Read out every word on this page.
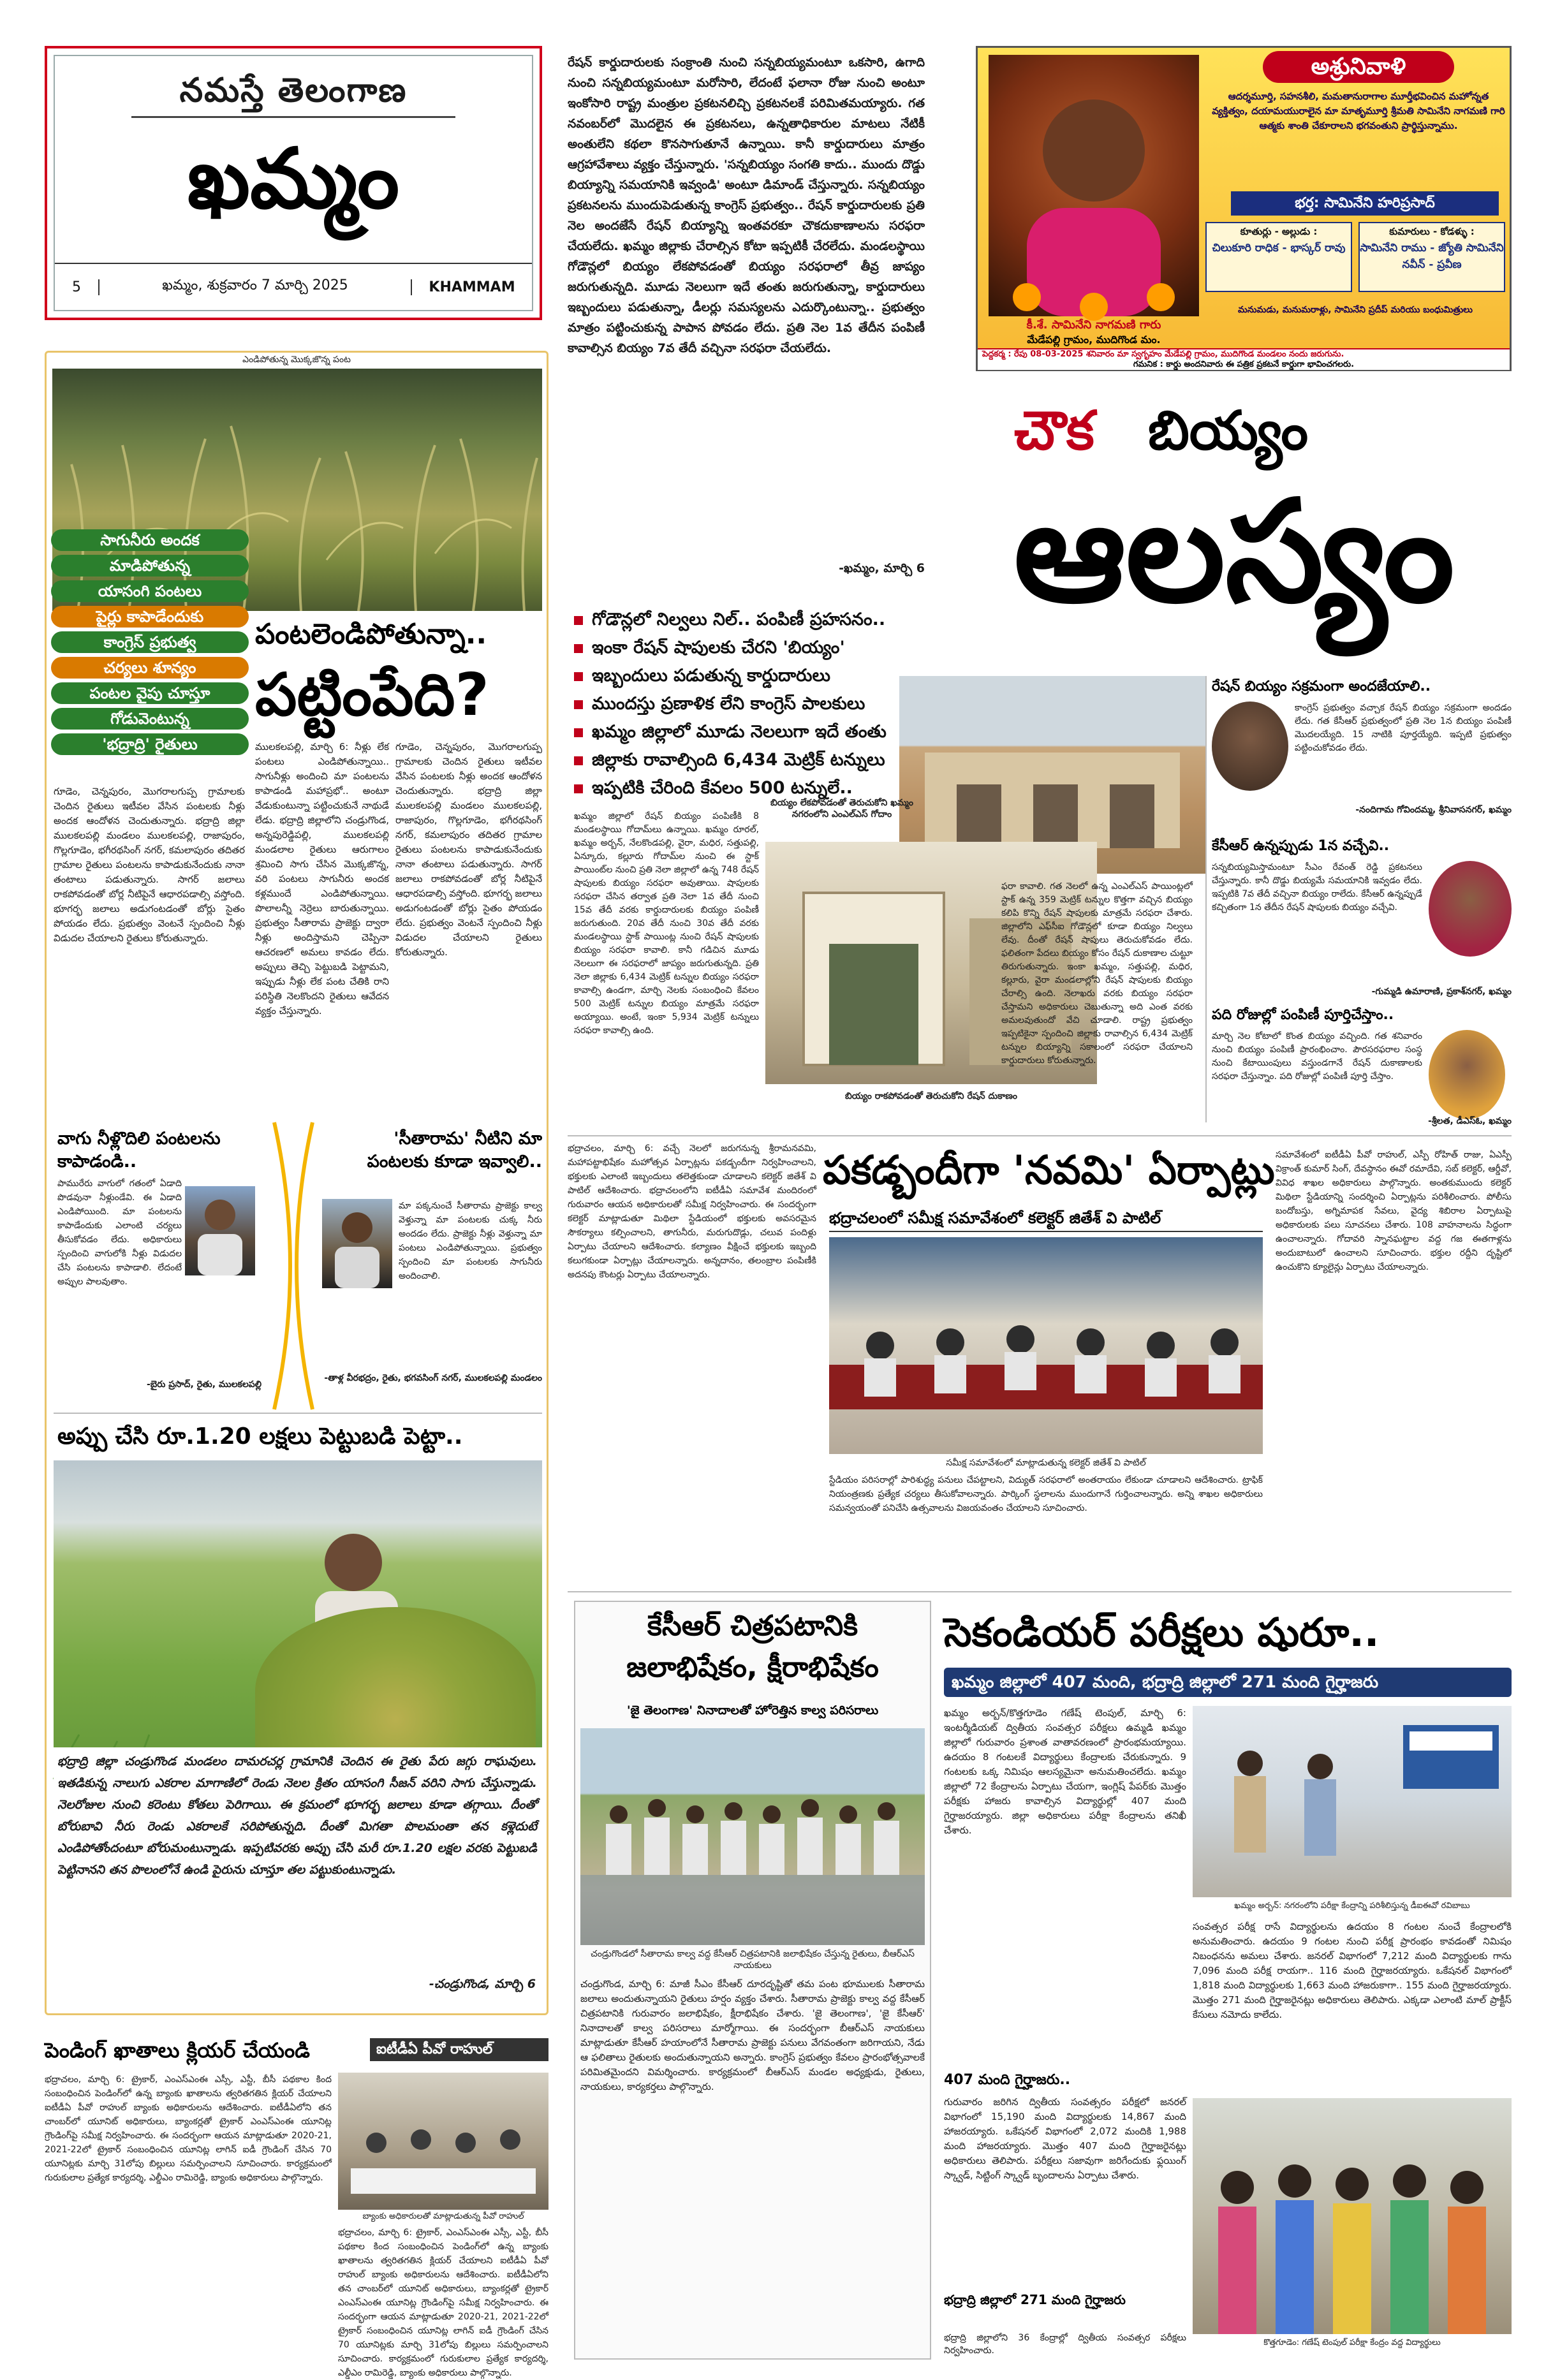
నమస్తే తెలంగాణ
ఖమ్మం
5	ఖమ్మం, శుక్రవారం 7 మార్చి 2025	KHAMMAM
ఎండిపోతున్న మొక్కజొన్న పంట
సాగునీరు అందక
మాడిపోతున్న
యాసంగి పంటలు
పైర్లు కాపాడేందుకు
కాంగ్రెస్ ప్రభుత్వ
చర్యలు శూన్యం
పంటల వైపు చూస్తూ
గోడువెంటున్న
'భద్రాద్రి' రైతులు
పంటలెండిపోతున్నా..
పట్టింపేది?
ములకలపల్లి, మార్చి 6: నీళ్లు లేక పంటలు ఎండిపోతున్నాయి.. సాగునీళ్లు అందించి మా పంటలను కాపాడండి మహాప్రభో.. అంటూ వేడుకుంటున్నా పట్టించుకునే నాథుడే లేడు. భద్రాద్రి జిల్లాలోని చండ్రుగొండ, అన్నపురెడ్డిపల్లి, ములకలపల్లి మండలాల రైతులు ఆరుగాలం శ్రమించి సాగు చేసిన మొక్కజొన్న, వరి పంటలు సాగునీరు అందక కళ్లముందే ఎండిపోతున్నాయి. పొలాలన్నీ నెర్రెలు బారుతున్నాయి. ప్రభుత్వం సీతారామ ప్రాజెక్టు ద్వారా నీళ్లు అందిస్తామని చెప్పినా ఆచరణలో అమలు కావడం లేదు. అప్పులు తెచ్చి పెట్టుబడి పెట్టామని, ఇప్పుడు నీళ్లు లేక పంట చేతికి రాని పరిస్థితి నెలకొందని రైతులు ఆవేదన వ్యక్తం చేస్తున్నారు.
గూడెం, చెన్నపురం, మొగరాలగుప్ప గ్రామాలకు చెందిన రైతులు ఇటీవల వేసిన పంటలకు నీళ్లు అందక ఆందోళన చెందుతున్నారు. భద్రాద్రి జిల్లా ములకలపల్లి మండలం ములకలపల్లి, రాజాపురం, గొల్లగూడెం, భగీరథసింగ్ నగర్, కమలాపురం తదితర గ్రామాల రైతులు పంటలను కాపాడుకునేందుకు నానా తంటాలు పడుతున్నారు. సాగర్ జలాలు రాకపోవడంతో బోర్ల నీటిపైనే ఆధారపడాల్సి వస్తోంది. భూగర్భ జలాలు అడుగంటడంతో బోర్లు సైతం పోయడం లేదు. ప్రభుత్వం వెంటనే స్పందించి నీళ్లు విడుదల చేయాలని రైతులు కోరుతున్నారు.
గూడెం, చెన్నపురం, మొగరాలగుప్ప గ్రామాలకు చెందిన రైతులు ఇటీవల వేసిన పంటలకు నీళ్లు అందక ఆందోళన చెందుతున్నారు. భద్రాద్రి జిల్లా ములకలపల్లి మండలం ములకలపల్లి, రాజాపురం, గొల్లగూడెం, భగీరథసింగ్ నగర్, కమలాపురం తదితర గ్రామాల రైతులు పంటలను కాపాడుకునేందుకు నానా తంటాలు పడుతున్నారు. సాగర్ జలాలు రాకపోవడంతో బోర్ల నీటిపైనే ఆధారపడాల్సి వస్తోంది. భూగర్భ జలాలు అడుగంటడంతో బోర్లు సైతం పోయడం లేదు. ప్రభుత్వం వెంటనే స్పందించి నీళ్లు విడుదల చేయాలని రైతులు కోరుతున్నారు.
వాగు నీళ్లొదిలి పంటలను కాపాడండి..
పామురేరు వాగులో గతంలో ఏడాది పొడవునా నీళ్లుండేవి. ఈ ఏడాది ఎండిపోయింది. మా పంటలను కాపాడేందుకు ఎలాంటి చర్యలు తీసుకోవడం లేదు. అధికారులు స్పందించి వాగులోకి నీళ్లు విడుదల చేసి పంటలను కాపాడాలి. లేదంటే అప్పుల పాలవుతాం.
-బైరు ప్రసాద్, రైతు, ములకలపల్లి
'సీతారామ' నీటిని మా పంటలకు కూడా ఇవ్వాలి..
మా పక్కనుంచే సీతారామ ప్రాజెక్టు కాల్వ వెళ్తున్నా మా పంటలకు చుక్క నీరు అందడం లేదు. ప్రాజెక్టు నీళ్లు వెళ్తున్నా మా పంటలు ఎండిపోతున్నాయి. ప్రభుత్వం స్పందించి మా పంటలకు సాగునీరు అందించాలి.
-తాళ్ల వీరభద్రం, రైతు, భగవసింగ్ నగర్, ములకలపల్లి మండలం
అప్పు చేసి రూ.1.20 లక్షలు పెట్టుబడి పెట్టా..
భద్రాద్రి జిల్లా చండ్రుగొండ మండలం దామరచర్ల గ్రామానికి చెందిన ఈ రైతు పేరు జగ్గు రాఘవులు. ఇతడికున్న నాలుగు ఎకరాల మాగాణిలో రెండు నెలల క్రితం యాసంగి సీజన్ వరిని సాగు చేస్తున్నాడు. నెలరోజుల నుంచి కరెంటు కోతలు పెరిగాయి. ఈ క్రమంలో భూగర్భ జలాలు కూడా తగ్గాయి. దీంతో బోరుబావి నీరు రెండు ఎకరాలకే సరిపోతున్నది. దీంతో మిగతా పొలమంతా తన కళ్లెదుటే ఎండిపోతోందంటూ బోరుమంటున్నాడు. ఇప్పటివరకు అప్పు చేసి మరీ రూ.1.20 లక్షల వరకు పెట్టుబడి పెట్టినానని తన పొలంలోనే ఉండి పైరును చూస్తూ తల పట్టుకుంటున్నాడు.
-చండ్రుగొండ, మార్చి 6
పెండింగ్ ఖాతాలు క్లియర్ చేయండి	ఐటీడీఏ పీవో రాహుల్
బ్యాంకు అధికారులతో మాట్లాడుతున్న పీవో రాహుల్
భద్రాచలం, మార్చి 6: ట్రైకార్, ఎంఎస్ఎంఈ ఎస్సీ, ఎస్టీ, బీసీ పథకాల కింద సంబంధించిన పెండింగ్‌లో ఉన్న బ్యాంకు ఖాతాలను త్వరితగతిన క్లియర్ చేయాలని ఐటీడీఏ పీవో రాహుల్ బ్యాంకు అధికారులను ఆదేశించారు. ఐటీడీఏలోని తన చాంబర్‌లో యూనిట్ అధికారులు, బ్యాంకర్లతో ట్రైకార్ ఎంఎస్ఎంఈ యూనిట్ల గ్రౌండింగ్‌పై సమీక్ష నిర్వహించారు. ఈ సందర్భంగా ఆయన మాట్లాడుతూ 2020-21, 2021-22లో ట్రైకార్ సంబంధించిన యూనిట్ల లాగిన్ ఐడీ గ్రౌండింగ్ చేసిన 70 యూనిట్లకు మార్చి 31లోపు బిల్లులు సమర్పించాలని సూచించారు. కార్యక్రమంలో గురుకులాల ప్రత్యేక కార్యదర్శి, ఎల్డీఎం రామిరెడ్డి, బ్యాంకు అధికారులు పాల్గొన్నారు.
భద్రాచలం, మార్చి 6: ట్రైకార్, ఎంఎస్ఎంఈ ఎస్సీ, ఎస్టీ, బీసీ పథకాల కింద సంబంధించిన పెండింగ్‌లో ఉన్న బ్యాంకు ఖాతాలను త్వరితగతిన క్లియర్ చేయాలని ఐటీడీఏ పీవో రాహుల్ బ్యాంకు అధికారులను ఆదేశించారు. ఐటీడీఏలోని తన చాంబర్‌లో యూనిట్ అధికారులు, బ్యాంకర్లతో ట్రైకార్ ఎంఎస్ఎంఈ యూనిట్ల గ్రౌండింగ్‌పై సమీక్ష నిర్వహించారు. ఈ సందర్భంగా ఆయన మాట్లాడుతూ 2020-21, 2021-22లో ట్రైకార్ సంబంధించిన యూనిట్ల లాగిన్ ఐడీ గ్రౌండింగ్ చేసిన 70 యూనిట్లకు మార్చి 31లోపు బిల్లులు సమర్పించాలని సూచించారు. కార్యక్రమంలో గురుకులాల ప్రత్యేక కార్యదర్శి, ఎల్డీఎం రామిరెడ్డి, బ్యాంకు అధికారులు పాల్గొన్నారు.
రేషన్ కార్డుదారులకు సంక్రాంతి నుంచి సన్నబియ్యమంటూ ఒకసారి, ఉగాది నుంచి సన్నబియ్యమంటూ మరోసారి, లేదంటే ఫలానా రోజు నుంచి అంటూ ఇంకోసారి రాష్ట్ర మంత్రుల ప్రకటనలిచ్చి ప్రకటనలకే పరిమితమయ్యారు. గత నవంబర్‌లో మొదలైన ఈ ప్రకటనలు, ఉన్నతాధికారుల మాటలు నేటికీ అంతులేని కథలా కొనసాగుతూనే ఉన్నాయి. కానీ కార్డుదారులు మాత్రం ఆగ్రహావేశాలు వ్యక్తం చేస్తున్నారు. 'సన్నబియ్యం సంగతి కాదు.. ముందు దొడ్డు బియ్యాన్ని సమయానికి ఇవ్వండి' అంటూ డిమాండ్ చేస్తున్నారు. సన్నబియ్యం ప్రకటనలను ముందుపెడుతున్న కాంగ్రెస్ ప్రభుత్వం.. రేషన్ కార్డుదారులకు ప్రతి నెల అందజేసే రేషన్ బియ్యాన్ని ఇంతవరకూ చౌకదుకాణాలను సరఫరా చేయలేదు. ఖమ్మం జిల్లాకు చేరాల్సిన కోటా ఇప్పటికీ చేరలేదు. మండలస్థాయి గోడౌన్లలో బియ్యం లేకపోవడంతో బియ్యం సరఫరాలో తీవ్ర జాప్యం జరుగుతున్నది. మూడు నెలలుగా ఇదే తంతు జరుగుతున్నా, కార్డుదారులు ఇబ్బందులు పడుతున్నా, డీలర్లు సమస్యలను ఎదుర్కొంటున్నా.. ప్రభుత్వం మాత్రం పట్టించుకున్న పాపాన పోవడం లేదు. ప్రతి నెల 1వ తేదీన పంపిణీ కావాల్సిన బియ్యం 7వ తేదీ వచ్చినా సరఫరా చేయలేదు.
-ఖమ్మం, మార్చి 6
అశ్రునివాళి
ఆదర్శమూర్తి, సహనశీలి, మమతానురాగాల మూర్తీభవించిన మహోన్నత వ్యక్తిత్వం, దయామయురాలైన మా మాతృమూర్తి శ్రీమతి సామినేని నాగమణి గారి ఆత్మకు శాంతి చేకూరాలని భగవంతుని ప్రార్థిస్తున్నాము.
భర్త: సామినేని హరిప్రసాద్
కూతుర్లు - అల్లుడు :
చిలుకూరి రాధిక - భాస్కర్ రావు
కుమారులు - కోడళ్ళు :
సామినేని రాము - జ్యోతి సామినేని నవీన్ - ప్రవీణ
కీ.శే. సామినేని నాగమణి గారు
మేడేపల్లి గ్రామం, ముదిగొండ మం.
మనుమడు, మనుమరాళ్లు, సామినేని ప్రదీప్ మరియు బంధుమిత్రులు
పెద్దకర్మ : రేపు 08-03-2025 శనివారం మా స్వగృహం మేడేపల్లి గ్రామం, ముదిగొండ మండలం నందు జరుగును.
గమనిక : కార్డు అందనివారు ఈ పత్రిక ప్రకటనే కార్డుగా భావించగలరు.
చౌక	బియ్యం
ఆలస్యం
గోడౌన్లలో నిల్వలు నిల్.. పంపిణీ ప్రహసనం..
ఇంకా రేషన్ షాపులకు చేరని 'బియ్యం'
ఇబ్బందులు పడుతున్న కార్డుదారులు
ముందస్తు ప్రణాళిక లేని కాంగ్రెస్ పాలకులు
ఖమ్మం జిల్లాలో మూడు నెలలుగా ఇదే తంతు
జిల్లాకు రావాల్సింది 6,434 మెట్రిక్ టన్నులు
ఇప్పటికి చేరింది కేవలం 500 టన్నులే..
బియ్యం లేకపోవడంతో తెరుచుకోని ఖమ్మం నగరంలోని ఎంఎల్ఎస్ గోదాం
బియ్యం రాకపోవడంతో తెరుచుకోని రేషన్ దుకాణం
ఖమ్మం జిల్లాలో రేషన్ బియ్యం పంపిణీకి 8 మండలస్థాయి గోదామ్‌లు ఉన్నాయి. ఖమ్మం రూరల్, ఖమ్మం అర్బన్, నేలకొండపల్లి, వైరా, మధిర, సత్తుపల్లి, ఏన్కూరు, కల్లూరు గోదామ్‌ల నుంచి ఈ స్టాక్ పాయింట్‌ల నుంచి ప్రతి నెలా జిల్లాలో ఉన్న 748 రేషన్ షాపులకు బియ్యం సరఫరా అవుతాయి. షాపులకు సరఫరా చేసిన తర్వాత ప్రతి నెలా 1వ తేదీ నుంచి 15వ తేదీ వరకు కార్డుదారులకు బియ్యం పంపిణీ జరుగుతుంది. 20వ తేదీ నుంచి 30వ తేదీ వరకు మండలస్థాయి స్టాక్ పాయింట్ల నుంచి రేషన్ షాపులకు బియ్యం సరఫరా కావాలి. కానీ గడిచిన మూడు నెలలుగా ఈ సరఫరాలో జాప్యం జరుగుతున్నది. ప్రతి నెలా జిల్లాకు 6,434 మెట్రిక్ టన్నుల బియ్యం సరఫరా కావాల్సి ఉండగా, మార్చి నెలకు సంబంధించి కేవలం 500 మెట్రిక్ టన్నుల బియ్యం మాత్రమే సరఫరా అయ్యాయి. అంటే, ఇంకా 5,934 మెట్రిక్ టన్నులు సరఫరా కావాల్సి ఉంది.
ఫరా కావాలి. గత నెలలో ఉన్న ఎంఎల్ఎస్ పాయింట్లలో స్టాక్ ఉన్న 359 మెట్రిక్ టన్నుల కొత్తగా వచ్చిన బియ్యం కలిపి కొన్ని రేషన్ షాపులకు మాత్రమే సరఫరా చేశారు. జిల్లాలోని ఎఫ్‌సీఐ గోడౌన్లలో కూడా బియ్యం నిల్వలు లేవు. దీంతో రేషన్ షాపులు తెరుచుకోవడం లేదు. ఫలితంగా పేదలు బియ్యం కోసం రేషన్ దుకాణాల చుట్టూ తిరుగుతున్నారు. ఇంకా ఖమ్మం, సత్తుపల్లి, మధిర, కల్లూరు, వైరా మండలాల్లోని రేషన్ షాపులకు బియ్యం చేరాల్సి ఉంది. నెలాఖరు వరకు బియ్యం సరఫరా చేస్తామని అధికారులు చెబుతున్నా అది ఎంత వరకు అమలవుతుందో వేచి చూడాలి. రాష్ట్ర ప్రభుత్వం ఇప్పటికైనా స్పందించి జిల్లాకు రావాల్సిన 6,434 మెట్రిక్ టన్నుల బియ్యాన్ని సకాలంలో సరఫరా చేయాలని కార్డుదారులు కోరుతున్నారు.
రేషన్ బియ్యం సక్రమంగా అందజేయాలి..
కాంగ్రెస్ ప్రభుత్వం వచ్చాక రేషన్ బియ్యం సక్రమంగా అందడం లేదు. గత కేసీఆర్ ప్రభుత్వంలో ప్రతి నెల 1న బియ్యం పంపిణీ మొదలయ్యేది. 15 నాటికి పూర్తయ్యేది. ఇప్పటి ప్రభుత్వం పట్టించుకోవడం లేదు.
-నందిగామ గోవిందమ్మ, శ్రీనివాసనగర్, ఖమ్మం
కేసీఆర్ ఉన్నప్పుడు 1న వచ్చేవి..
సన్నబియ్యమిస్తామంటూ సీఎం రేవంత్ రెడ్డి ప్రకటనలు చేస్తున్నారు. కానీ దొడ్డు బియ్యమే సమయానికి ఇవ్వడం లేదు. ఇప్పటికి 7వ తేదీ వచ్చినా బియ్యం రాలేదు. కేసీఆర్ ఉన్నప్పుడే కచ్చితంగా 1న తేదీన రేషన్ షాపులకు బియ్యం వచ్చేవి.
-గుమ్మడి ఉమారాణి, ప్రకాశ్‌నగర్, ఖమ్మం
పది రోజుల్లో పంపిణీ పూర్తిచేస్తాం..
మార్చి నెల కోటాలో కొంత బియ్యం వచ్చింది. గత శనివారం నుంచి బియ్యం పంపిణీ ప్రారంభించాం. పౌరసరఫరాల సంస్థ నుంచి కేటాయింపులు వస్తుండగానే రేషన్ దుకాణాలకు సరఫరా చేస్తున్నాం. పది రోజుల్లో పంపిణీ పూర్తి చేస్తాం.
-శ్రీలత, డీఎస్ఓ, ఖమ్మం
భద్రాచలం, మార్చి 6: వచ్చే నెలలో జరుగనున్న శ్రీరామనవమి, మహాపట్టాభిషేకం మహోత్సవ ఏర్పాట్లను పకడ్బందీగా నిర్వహించాలని, భక్తులకు ఎలాంటి ఇబ్బందులు తలెత్తకుండా చూడాలని కలెక్టర్ జితేశ్ వి పాటిల్ ఆదేశించారు. భద్రాచలంలోని ఐటీడీఏ సమావేశ మందిరంలో గురువారం ఆయన అధికారులతో సమీక్ష నిర్వహించారు. ఈ సందర్భంగా కలెక్టర్ మాట్లాడుతూ మిథిలా స్టేడియంలో భక్తులకు అవసరమైన సౌకర్యాలు కల్పించాలని, తాగునీరు, మరుగుదొడ్లు, చలువ పందిళ్లు ఏర్పాటు చేయాలని ఆదేశించారు. కల్యాణం వీక్షించే భక్తులకు ఇబ్బంది కలుగకుండా ఏర్పాట్లు చేయాలన్నారు. అన్నదానం, తలంబ్రాల పంపిణీకి అదనపు కౌంటర్లు ఏర్పాటు చేయాలన్నారు.
పకడ్బందీగా 'నవమి' ఏర్పాట్లు
భద్రాచలంలో సమీక్ష సమావేశంలో కలెక్టర్ జితేశ్ వి పాటిల్
సమీక్ష సమావేశంలో మాట్లాడుతున్న కలెక్టర్ జితేశ్ వి పాటిల్
స్టేడియం పరిసరాల్లో పారిశుద్ధ్య పనులు చేపట్టాలని, విద్యుత్ సరఫరాలో అంతరాయం లేకుండా చూడాలని ఆదేశించారు. ట్రాఫిక్ నియంత్రణకు ప్రత్యేక చర్యలు తీసుకోవాలన్నారు. పార్కింగ్ స్థలాలను ముందుగానే గుర్తించాలన్నారు. అన్ని శాఖల అధికారులు సమన్వయంతో పనిచేసి ఉత్సవాలను విజయవంతం చేయాలని సూచించారు.
సమావేశంలో ఐటీడీఏ పీవో రాహుల్, ఎస్పీ రోహిత్ రాజు, ఏఎస్పీ విక్రాంత్ కుమార్ సింగ్, దేవస్థానం ఈవో రమాదేవి, సబ్ కలెక్టర్, ఆర్డీవో, వివిధ శాఖల అధికారులు పాల్గొన్నారు. అంతకుముందు కలెక్టర్ మిథిలా స్టేడియాన్ని సందర్శించి ఏర్పాట్లను పరిశీలించారు. పోలీసు బందోబస్తు, అగ్నిమాపక సేవలు, వైద్య శిబిరాల ఏర్పాటుపై అధికారులకు పలు సూచనలు చేశారు. 108 వాహనాలను సిద్ధంగా ఉంచాలన్నారు. గోదావరి స్నానఘట్టాల వద్ద గజ ఈతగాళ్లను అందుబాటులో ఉంచాలని సూచించారు. భక్తుల రద్దీని దృష్టిలో ఉంచుకొని క్యూలైన్లు ఏర్పాటు చేయాలన్నారు.
కేసీఆర్ చిత్రపటానికి
జలాభిషేకం, క్షీరాభిషేకం
'జై తెలంగాణ' నినాదాలతో హోరెత్తిన కాల్వ పరిసరాలు
చండ్రుగొండలో సీతారామ కాల్వ వద్ద కేసీఆర్ చిత్రపటానికి జలాభిషేకం చేస్తున్న రైతులు, బీఆర్ఎస్ నాయకులు
చండ్రుగొండ, మార్చి 6: మాజీ సీఎం కేసీఆర్ దూరదృష్టితో తమ పంట భూములకు సీతారామ జలాలు అందుతున్నాయని రైతులు హర్షం వ్యక్తం చేశారు. సీతారామ ప్రాజెక్టు కాల్వ వద్ద కేసీఆర్ చిత్రపటానికి గురువారం జలాభిషేకం, క్షీరాభిషేకం చేశారు. 'జై తెలంగాణ', 'జై కేసీఆర్' నినాదాలతో కాల్వ పరిసరాలు మార్మోగాయి. ఈ సందర్భంగా బీఆర్ఎస్ నాయకులు మాట్లాడుతూ కేసీఆర్ హయాంలోనే సీతారామ ప్రాజెక్టు పనులు వేగవంతంగా జరిగాయని, నేడు ఆ ఫలితాలు రైతులకు అందుతున్నాయని అన్నారు. కాంగ్రెస్ ప్రభుత్వం కేవలం ప్రారంభోత్సవాలకే పరిమితమైందని విమర్శించారు. కార్యక్రమంలో బీఆర్ఎస్ మండల అధ్యక్షుడు, రైతులు, నాయకులు, కార్యకర్తలు పాల్గొన్నారు.
సెకండియర్ పరీక్షలు షురూ..
ఖమ్మం జిల్లాలో 407 మంది, భద్రాద్రి జిల్లాలో 271 మంది గైర్హాజరు
ఖమ్మం అర్బన్/కొత్తగూడెం గణేష్ టెంపుల్, మార్చి 6: ఇంటర్మీడియట్ ద్వితీయ సంవత్సర పరీక్షలు ఉమ్మడి ఖమ్మం జిల్లాలో గురువారం ప్రశాంత వాతావరణంలో ప్రారంభమయ్యాయి. ఉదయం 8 గంటలకే విద్యార్థులు కేంద్రాలకు చేరుకున్నారు. 9 గంటలకు ఒక్క నిమిషం ఆలస్యమైనా అనుమతించలేదు. ఖమ్మం జిల్లాలో 72 కేంద్రాలను ఏర్పాటు చేయగా, ఇంగ్లిష్ పేపర్‌కు మొత్తం పరీక్షకు హాజరు కావాల్సిన విద్యార్థుల్లో 407 మంది గైర్హాజరయ్యారు. జిల్లా అధికారులు పరీక్షా కేంద్రాలను తనిఖీ చేశారు.
ఖమ్మం అర్బన్: నగరంలోని పరీక్షా కేంద్రాన్ని పరిశీలిస్తున్న డీఐఈవో రవిబాబు
సంవత్సర పరీక్ష రాసే విద్యార్థులను ఉదయం 8 గంటల నుంచే కేంద్రాలలోకి అనుమతించారు. ఉదయం 9 గంటల నుంచి పరీక్ష ప్రారంభం కావడంతో నిమిషం నిబంధనను అమలు చేశారు. జనరల్ విభాగంలో 7,212 మంది విద్యార్థులకు గాను 7,096 మంది పరీక్ష రాయగా.. 116 మంది గైర్హాజరయ్యారు. ఒకేషనల్ విభాగంలో 1,818 మంది విద్యార్థులకు 1,663 మంది హాజరుకాగా.. 155 మంది గైర్హాజరయ్యారు. మొత్తం 271 మంది గైర్హాజరైనట్లు అధికారులు తెలిపారు. ఎక్కడా ఎలాంటి మాల్ ప్రాక్టీస్ కేసులు నమోదు కాలేదు.
407 మంది గైర్హాజరు..
గురువారం జరిగిన ద్వితీయ సంవత్సరం పరీక్షలో జనరల్ విభాగంలో 15,190 మంది విద్యార్థులకు 14,867 మంది హాజరయ్యారు. ఒకేషనల్ విభాగంలో 2,072 మందికి 1,988 మంది హాజరయ్యారు. మొత్తం 407 మంది గైర్హాజరైనట్లు అధికారులు తెలిపారు. పరీక్షలు సజావుగా జరిగేందుకు ఫ్లయింగ్ స్క్వాడ్, సిట్టింగ్ స్క్వాడ్ బృందాలను ఏర్పాటు చేశారు.
భద్రాద్రి జిల్లాలో 271 మంది గైర్హాజరు
భద్రాద్రి జిల్లాలోని 36 కేంద్రాల్లో ద్వితీయ సంవత్సర పరీక్షలు నిర్వహించారు.
కొత్తగూడెం: గణేష్ టెంపుల్ పరీక్షా కేంద్రం వద్ద విద్యార్థులు
